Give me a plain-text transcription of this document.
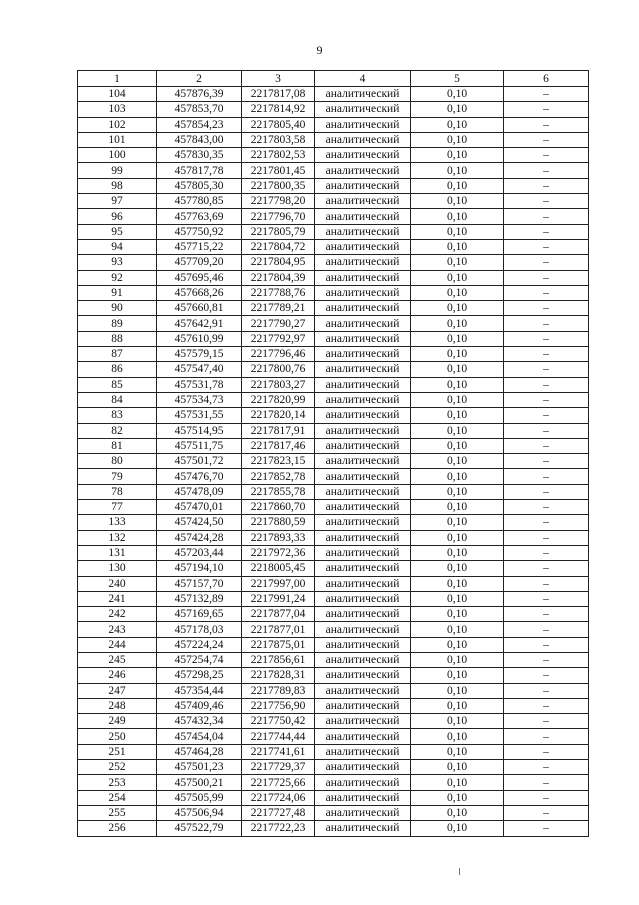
9
1	2	3	4	5	6
104	457876,39	2217817,08	аналитический	0,10	–
103	457853,70	2217814,92	аналитический	0,10	–
102	457854,23	2217805,40	аналитический	0,10	–
101	457843,00	2217803,58	аналитический	0,10	–
100	457830,35	2217802,53	аналитический	0,10	–
99	457817,78	2217801,45	аналитический	0,10	–
98	457805,30	2217800,35	аналитический	0,10	–
97	457780,85	2217798,20	аналитический	0,10	–
96	457763,69	2217796,70	аналитический	0,10	–
95	457750,92	2217805,79	аналитический	0,10	–
94	457715,22	2217804,72	аналитический	0,10	–
93	457709,20	2217804,95	аналитический	0,10	–
92	457695,46	2217804,39	аналитический	0,10	–
91	457668,26	2217788,76	аналитический	0,10	–
90	457660,81	2217789,21	аналитический	0,10	–
89	457642,91	2217790,27	аналитический	0,10	–
88	457610,99	2217792,97	аналитический	0,10	–
87	457579,15	2217796,46	аналитический	0,10	–
86	457547,40	2217800,76	аналитический	0,10	–
85	457531,78	2217803,27	аналитический	0,10	–
84	457534,73	2217820,99	аналитический	0,10	–
83	457531,55	2217820,14	аналитический	0,10	–
82	457514,95	2217817,91	аналитический	0,10	–
81	457511,75	2217817,46	аналитический	0,10	–
80	457501,72	2217823,15	аналитический	0,10	–
79	457476,70	2217852,78	аналитический	0,10	–
78	457478,09	2217855,78	аналитический	0,10	–
77	457470,01	2217860,70	аналитический	0,10	–
133	457424,50	2217880,59	аналитический	0,10	–
132	457424,28	2217893,33	аналитический	0,10	–
131	457203,44	2217972,36	аналитический	0,10	–
130	457194,10	2218005,45	аналитический	0,10	–
240	457157,70	2217997,00	аналитический	0,10	–
241	457132,89	2217991,24	аналитический	0,10	–
242	457169,65	2217877,04	аналитический	0,10	–
243	457178,03	2217877,01	аналитический	0,10	–
244	457224,24	2217875,01	аналитический	0,10	–
245	457254,74	2217856,61	аналитический	0,10	–
246	457298,25	2217828,31	аналитический	0,10	–
247	457354,44	2217789,83	аналитический	0,10	–
248	457409,46	2217756,90	аналитический	0,10	–
249	457432,34	2217750,42	аналитический	0,10	–
250	457454,04	2217744,44	аналитический	0,10	–
251	457464,28	2217741,61	аналитический	0,10	–
252	457501,23	2217729,37	аналитический	0,10	–
253	457500,21	2217725,66	аналитический	0,10	–
254	457505,99	2217724,06	аналитический	0,10	–
255	457506,94	2217727,48	аналитический	0,10	–
256	457522,79	2217722,23	аналитический	0,10	–
